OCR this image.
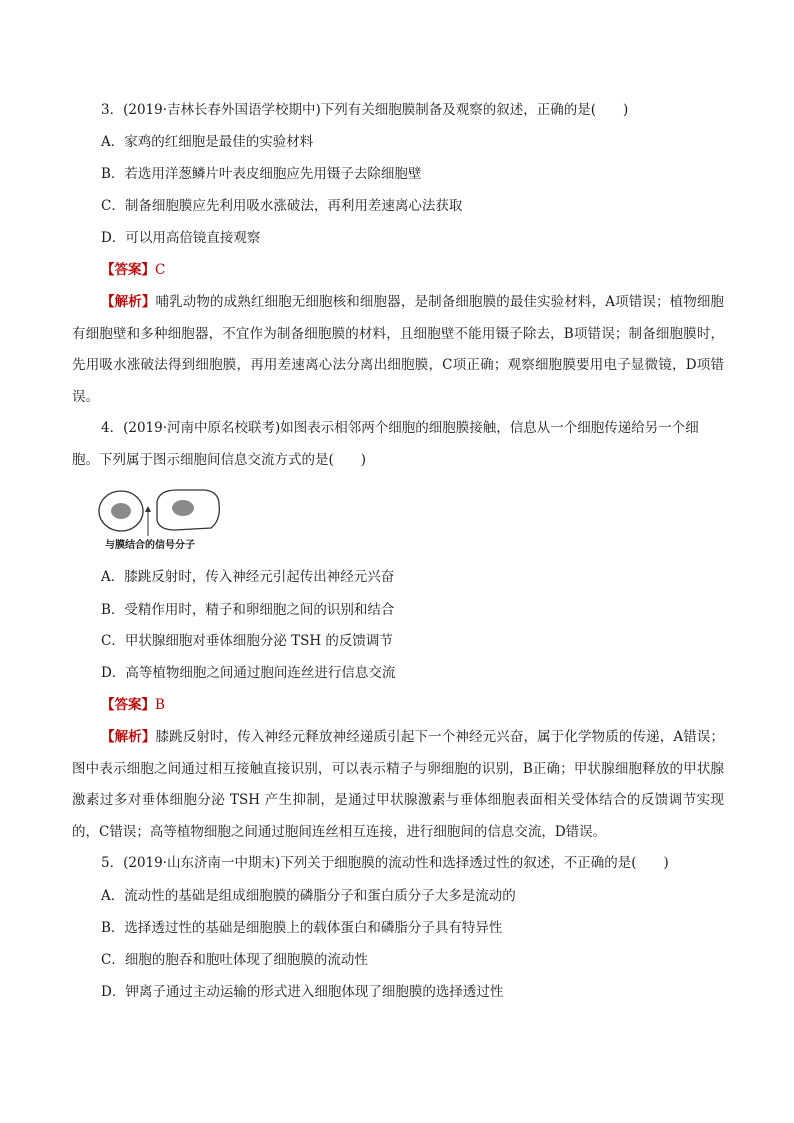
3．(2019·吉林长春外国语学校期中)下列有关细胞膜制备及观察的叙述，正确的是(　　)
A．家鸡的红细胞是最佳的实验材料
B．若选用洋葱鳞片叶表皮细胞应先用镊子去除细胞壁
C．制备细胞膜应先利用吸水涨破法，再利用差速离心法获取
D．可以用高倍镜直接观察
【答案】C
【解析】哺乳动物的成熟红细胞无细胞核和细胞器，是制备细胞膜的最佳实验材料，A项错误；植物细胞有细胞壁和多种细胞器，不宜作为制备细胞膜的材料，且细胞壁不能用镊子除去，B项错误；制备细胞膜时，先用吸水涨破法得到细胞膜，再用差速离心法分离出细胞膜，C项正确；观察细胞膜要用电子显微镜，D项错误。
4．(2019·河南中原名校联考)如图表示相邻两个细胞的细胞膜接触，信息从一个细胞传递给另一个细
胞。下列属于图示细胞间信息交流方式的是(　　)
与膜结合的信号分子
A．膝跳反射时，传入神经元引起传出神经元兴奋
B．受精作用时，精子和卵细胞之间的识别和结合
C．甲状腺细胞对垂体细胞分泌 TSH 的反馈调节
D．高等植物细胞之间通过胞间连丝进行信息交流
【答案】B
【解析】膝跳反射时，传入神经元释放神经递质引起下一个神经元兴奋，属于化学物质的传递，A错误；图中表示细胞之间通过相互接触直接识别，可以表示精子与卵细胞的识别，B正确；甲状腺细胞释放的甲状腺激素过多对垂体细胞分泌 TSH 产生抑制，是通过甲状腺激素与垂体细胞表面相关受体结合的反馈调节实现的，C错误；高等植物细胞之间通过胞间连丝相互连接，进行细胞间的信息交流，D错误。
5．(2019·山东济南一中期末)下列关于细胞膜的流动性和选择透过性的叙述，不正确的是(　　)
A．流动性的基础是组成细胞膜的磷脂分子和蛋白质分子大多是流动的
B．选择透过性的基础是细胞膜上的载体蛋白和磷脂分子具有特异性
C．细胞的胞吞和胞吐体现了细胞膜的流动性
D．钾离子通过主动运输的形式进入细胞体现了细胞膜的选择透过性
